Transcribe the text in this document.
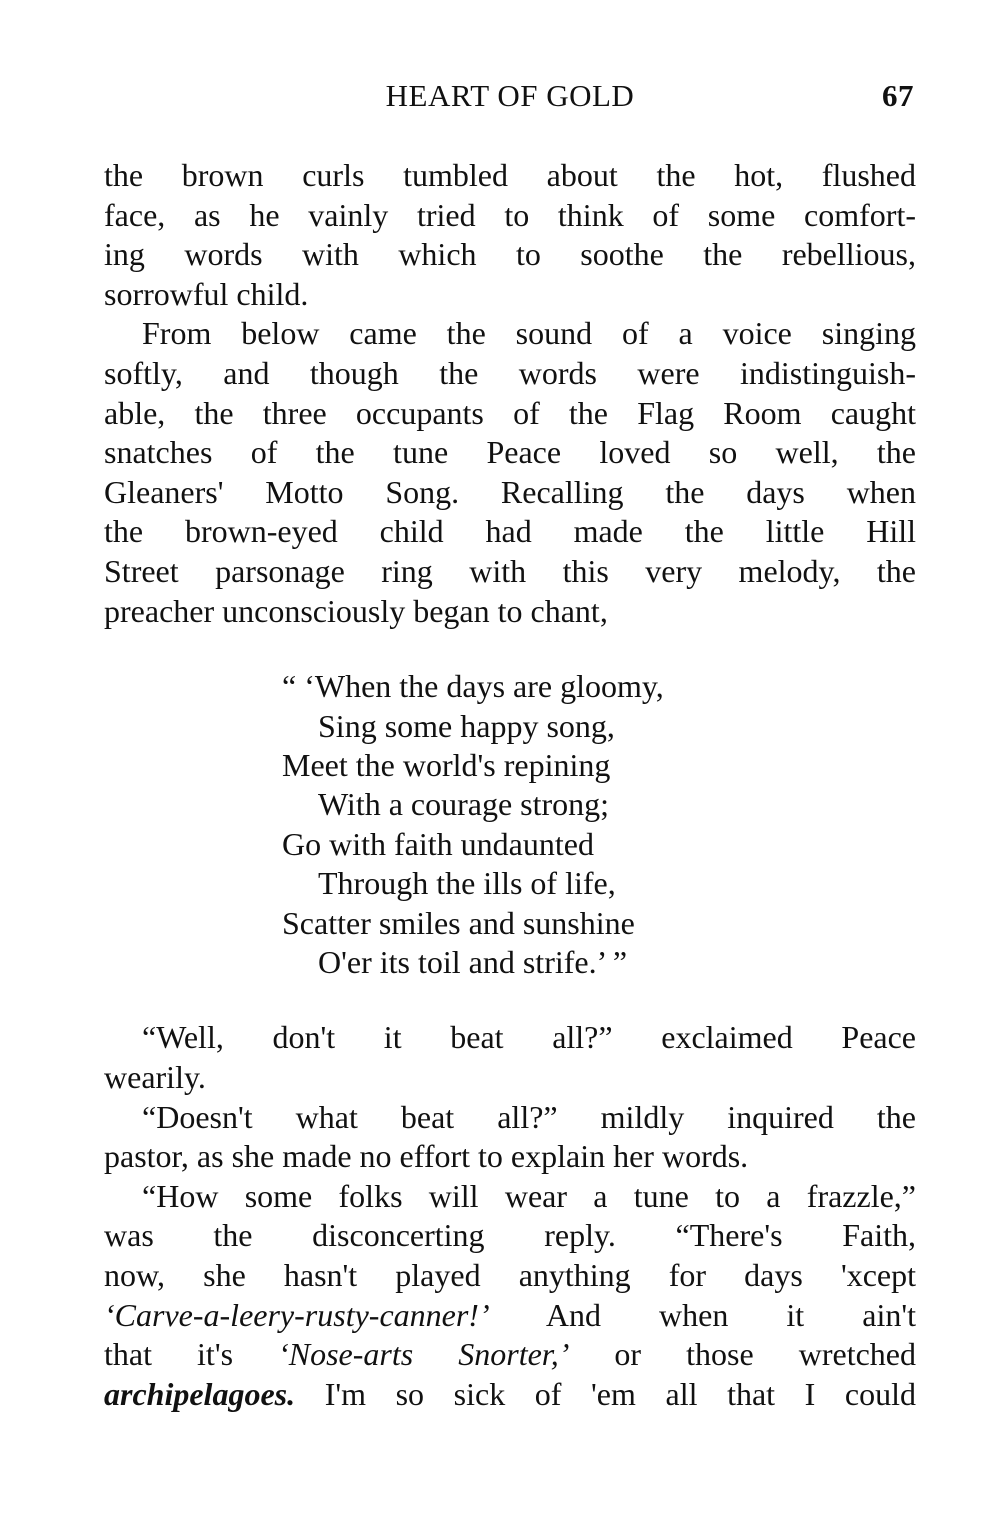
HEART OF GOLD	67

the brown curls tumbled about the hot, flushed
face, as he vainly tried to think of some comfort-
ing words with which to soothe the rebellious,
sorrowful child.

From below came the sound of a voice singing
softly, and though the words were indistinguish-
able, the three occupants of the Flag Room caught
snatches of the tune Peace loved so well, the
Gleaners' Motto Song. Recalling the days when
the brown-eyed child had made the little Hill
Street parsonage ring with this very melody, the
preacher unconsciously began to chant,

“ ‘When the days are gloomy,
Sing some happy song,
Meet the world's repining
With a courage strong;
Go with faith undaunted
Through the ills of life,
Scatter smiles and sunshine
O'er its toil and strife.’ ”

“Well, don't it beat all?” exclaimed Peace
wearily.

“Doesn't what beat all?” mildly inquired the
pastor, as she made no effort to explain her words.

“How some folks will wear a tune to a frazzle,”
was the disconcerting reply. “There's Faith,
now, she hasn't played anything for days 'xcept
‘Carve-a-leery-rusty-canner!’ And when it ain't
that it's ‘Nose-arts Snorter,’ or those wretched
archipelagoes. I'm so sick of 'em all that I could
